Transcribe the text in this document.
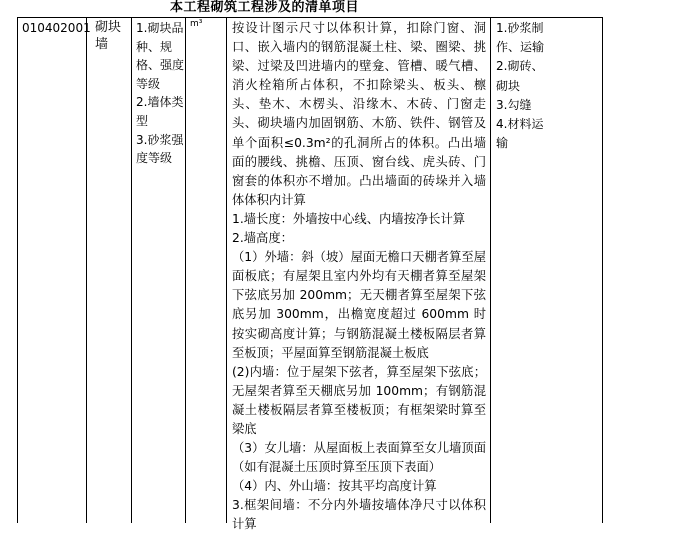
本工程砌筑工程涉及的清单项目
010402001 砌块墙

1.砌块品种、规格、强度等级

2.墙体类型

3.砂浆强度等级

m³ 按设计图示尺寸以体积计算，扣除门窗、洞口、嵌入墙内的钢筋混凝土柱、梁、圈梁、挑梁、过梁及凹进墙内的壁龛、管槽、暖气槽、消火栓箱所占体积，不扣除梁头、板头、檩头、垫木、木楞头、沿缘木、木砖、门窗走头、砌块墙内加固钢筋、木筋、铁件、钢管及单个面积≤0.3m²的孔洞所占的体积。凸出墙面的腰线、挑檐、压顶、窗台线、虎头砖、门窗套的体积亦不增加。凸出墙面的砖垛并入墙体体积内计算

1.墙长度：外墙按中心线、内墙按净长计算

2.墙高度：

（1）外墙：斜（坡）屋面无檐口天棚者算至屋面板底；有屋架且室内外均有天棚者算至屋架下弦底另加 200mm；无天棚者算至屋架下弦底另加 300mm，出檐宽度超过 600mm 时按实砌高度计算；与钢筋混凝土楼板隔层者算至板顶；平屋面算至钢筋混凝土板底

(2)内墙：位于屋架下弦者，算至屋架下弦底；无屋架者算至天棚底另加 100mm；有钢筋混凝土楼板隔层者算至楼板顶；有框架梁时算至梁底

（3）女儿墙：从屋面板上表面算至女儿墙顶面（如有混凝土压顶时算至压顶下表面）

（4）内、外山墙：按其平均高度计算

3.框架间墙：不分内外墙按墙体净尺寸以体积计算

1.砂浆制作、运输

2.砌砖、砌块

3.勾缝

4.材料运输
